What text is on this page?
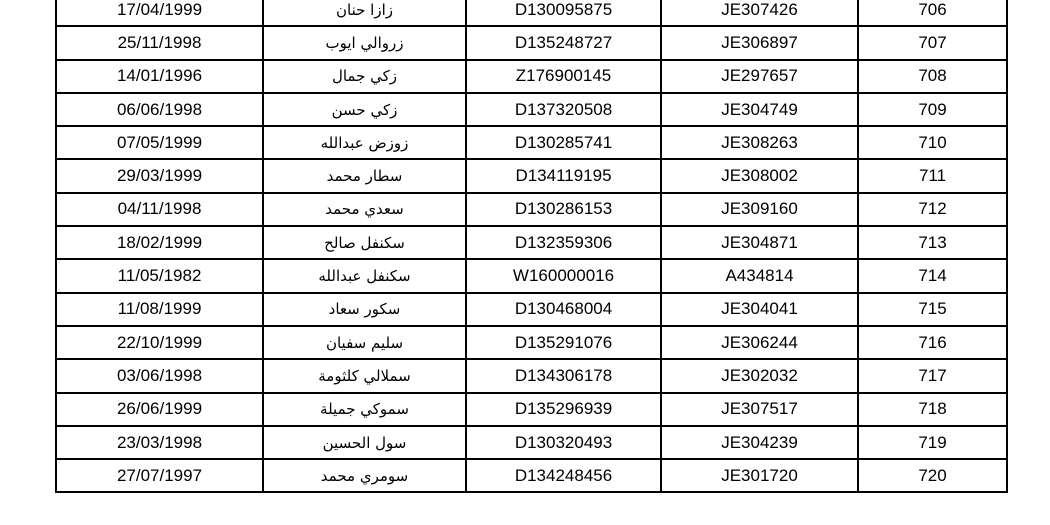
17/04/1999	زازا حنان	D130095875	JE307426	706
25/11/1998	زروالي ايوب	D135248727	JE306897	707
14/01/1996	زكي جمال	Z176900145	JE297657	708
06/06/1998	زكي حسن	D137320508	JE304749	709
07/05/1999	زوزض عبدالله	D130285741	JE308263	710
29/03/1999	سطار محمد	D134119195	JE308002	711
04/11/1998	سعدي محمد	D130286153	JE309160	712
18/02/1999	سكنفل صالح	D132359306	JE304871	713
11/05/1982	سكنفل عبدالله	W160000016	A434814	714
11/08/1999	سكور سعاد	D130468004	JE304041	715
22/10/1999	سليم سفيان	D135291076	JE306244	716
03/06/1998	سملالي كلثومة	D134306178	JE302032	717
26/06/1999	سموكي جميلة	D135296939	JE307517	718
23/03/1998	سول الحسين	D130320493	JE304239	719
27/07/1997	سومري محمد	D134248456	JE301720	720
